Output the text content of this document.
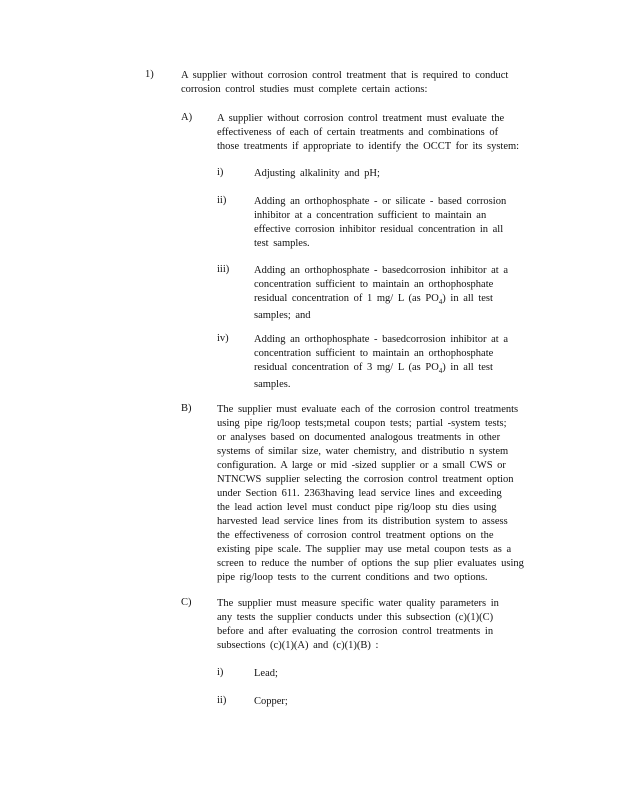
1)	A supplier without corrosion control treatment that is required to conduct

corrosion control studies must complete certain actions:

A) A supplier without corrosion control treatment must evaluate the

effectiveness of each of certain treatments and combinations of

those treatments if appropriate to identify the OCCT for its system:

i)	Adjusting alkalinity and pH;

ii)	Adding an orthophosphate - or silicate - based corrosion

inhibitor at a concentration sufficient to maintain an

effective corrosion inhibitor residual concentration in all

test samples.

iii) Adding an orthophosphate - basedcorrosion inhibitor at a

concentration sufficient to maintain an orthophosphate

residual concentration of 1 mg/ L (as $PO_4$) in all test

samples; and

iv) Adding an orthophosphate - basedcorrosion inhibitor at a

concentration sufficient to maintain an orthophosphate

residual concentration of 3 mg/ L (as $PO_4$) in all test

samples.

B) The supplier must evaluate each of the corrosion control treatments

using pipe rig/loop tests;metal coupon tests; partial -system tests;

or analyses based on documented analogous treatments in other

systems of similar size, water chemistry, and distributio n system

configuration. A large or mid -sized supplier or a small CWS or

NTNCWS supplier selecting the corrosion control treatment option

under Section 611. 2363having lead service lines and exceeding

the lead action level must conduct pipe rig/loop stu dies using

harvested lead service lines from its distribution system to assess

the effectiveness of corrosion control treatment options on the

existing pipe scale. The supplier may use metal coupon tests as a

screen to reduce the number of options the sup plier evaluates using

pipe rig/loop tests to the current conditions and two options.

C) The supplier must measure specific water quality parameters in

any tests the supplier conducts under this subsection (c)(1)(C)

before and after evaluating the corrosion control treatments in

subsections (c)(1)(A) and (c)(1)(B) :

i)	Lead;

ii)	Copper;
